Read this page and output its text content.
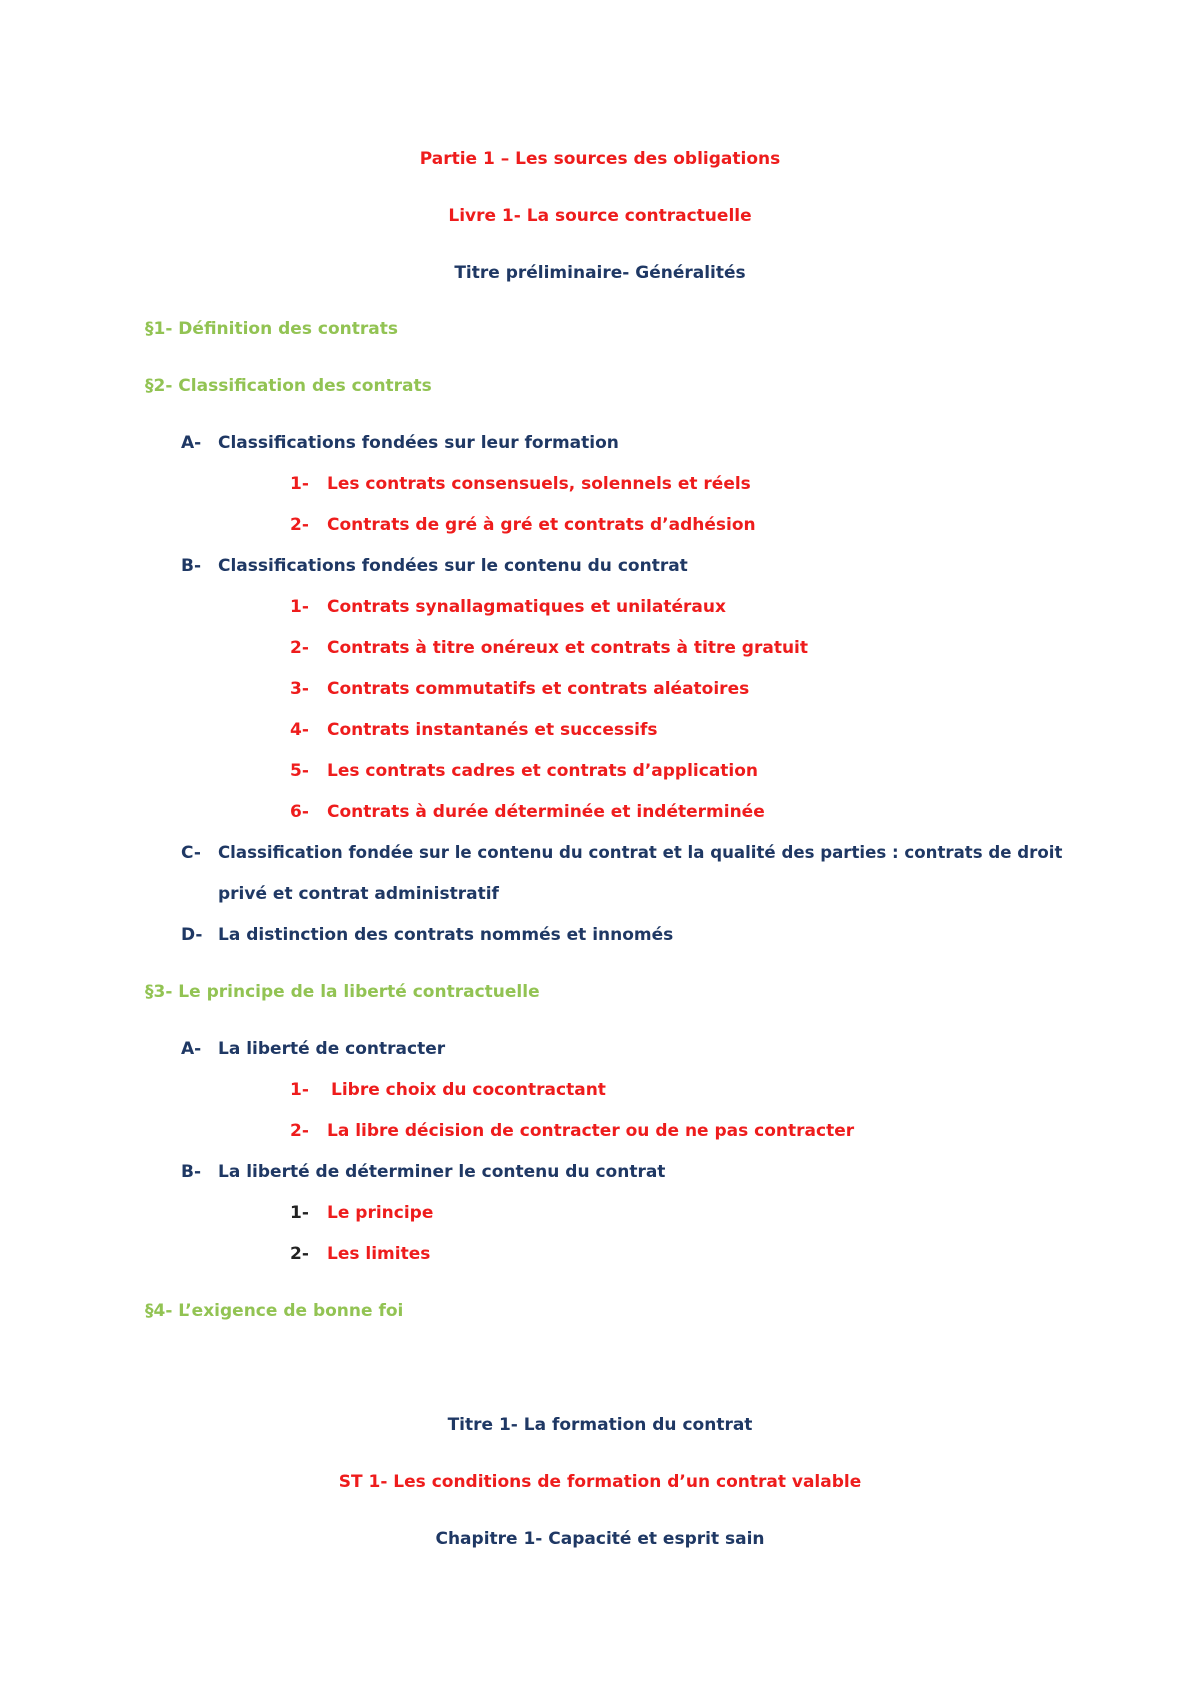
Partie 1 – Les sources des obligations
Livre 1- La source contractuelle
Titre préliminaire- Généralités
§1- Définition des contrats
§2- Classification des contrats
A- Classifications fondées sur leur formation
1- Les contrats consensuels, solennels et réels
2- Contrats de gré à gré et contrats d’adhésion
B- Classifications fondées sur le contenu du contrat
1- Contrats synallagmatiques et unilatéraux
2- Contrats à titre onéreux et contrats à titre gratuit
3- Contrats commutatifs et contrats aléatoires
4- Contrats instantanés et successifs
5- Les contrats cadres et contrats d’application
6- Contrats à durée déterminée et indéterminée
C- Classification fondée sur le contenu du contrat et la qualité des parties : contrats de droit
privé et contrat administratif
D- La distinction des contrats nommés et innomés
§3- Le principe de la liberté contractuelle
A- La liberté de contracter
1- Libre choix du cocontractant
2- La libre décision de contracter ou de ne pas contracter
B- La liberté de déterminer le contenu du contrat
1- Le principe
2- Les limites
§4- L’exigence de bonne foi
Titre 1- La formation du contrat
ST 1- Les conditions de formation d’un contrat valable
Chapitre 1- Capacité et esprit sain
